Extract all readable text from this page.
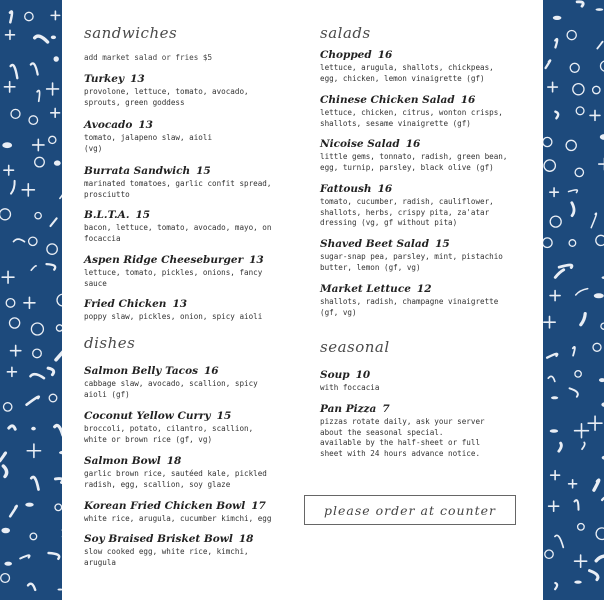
sandwiches
add market salad or fries $5
Turkey 13
provolone, lettuce, tomato, avocado,
sprouts, green goddess
Avocado 13
tomato, jalapeno slaw, aioli
(vg)
Burrata Sandwich 15
marinated tomatoes, garlic confit spread,
prosciutto
B.L.T.A. 15
bacon, lettuce, tomato, avocado, mayo, on
focaccia
Aspen Ridge Cheeseburger 13
lettuce, tomato, pickles, onions, fancy
sauce
Fried Chicken 13
poppy slaw, pickles, onion, spicy aioli
dishes
Salmon Belly Tacos 16
cabbage slaw, avocado, scallion, spicy
aioli (gf)
Coconut Yellow Curry 15
broccoli, potato, cilantro, scallion,
white or brown rice (gf, vg)
Salmon Bowl 18
garlic brown rice, sautéed kale, pickled
radish, egg, scallion, soy glaze
Korean Fried Chicken Bowl 17
white rice, arugula, cucumber kimchi, egg
Soy Braised Brisket Bowl 18
slow cooked egg, white rice, kimchi,
arugula
salads
Chopped 16
lettuce, arugula, shallots, chickpeas,
egg, chicken, lemon vinaigrette (gf)
Chinese Chicken Salad 16
lettuce, chicken, citrus, wonton crisps,
shallots, sesame vinaigrette (gf)
Nicoise Salad 16
little gems, tonnato, radish, green bean,
egg, turnip, parsley, black olive (gf)
Fattoush 16
tomato, cucumber, radish, cauliflower,
shallots, herbs, crispy pita, za'atar
dressing (vg, gf without pita)
Shaved Beet Salad 15
sugar-snap pea, parsley, mint, pistachio
butter, lemon (gf, vg)
Market Lettuce 12
shallots, radish, champagne vinaigrette
(gf, vg)
seasonal
Soup 10
with foccacia
Pan Pizza 7
pizzas rotate daily, ask your server
about the seasonal special.
available by the half-sheet or full
sheet with 24 hours advance notice.
please order at counter
